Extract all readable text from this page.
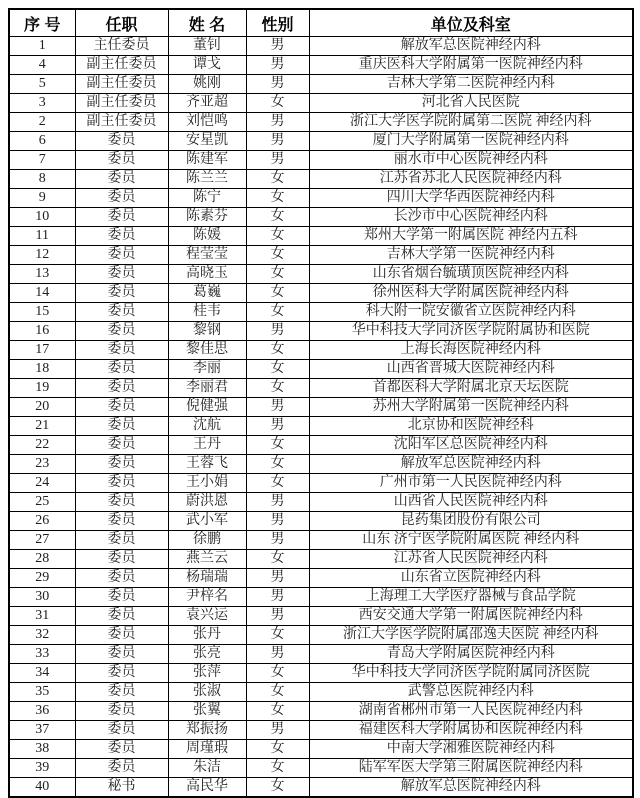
序 号	任职	姓 名	性别	单位及科室
1	主任委员	董钊	男	解放军总医院神经内科
4	副主任委员	谭戈	男	重庆医科大学附属第一医院神经内科
5	副主任委员	姚刚	男	吉林大学第二医院神经内科
3	副主任委员	齐亚超	女	河北省人民医院
2	副主任委员	刘恺鸣	男	浙江大学医学院附属第二医院 神经内科
6	委员	安星凯	男	厦门大学附属第一医院神经内科
7	委员	陈建军	男	丽水市中心医院神经内科
8	委员	陈兰兰	女	江苏省苏北人民医院神经内科
9	委员	陈宁	女	四川大学华西医院神经内科
10	委员	陈素芬	女	长沙市中心医院神经内科
11	委员	陈媛	女	郑州大学第一附属医院 神经内五科
12	委员	程莹莹	女	吉林大学第一医院神经内科
13	委员	高晓玉	女	山东省烟台毓璜顶医院神经内科
14	委员	葛巍	女	徐州医科大学附属医院神经内科
15	委员	桂韦	女	科大附一院安徽省立医院神经内科
16	委员	黎钢	男	华中科技大学同济医学院附属协和医院
17	委员	黎佳思	女	上海长海医院神经内科
18	委员	李丽	女	山西省晋城大医院神经内科
19	委员	李丽君	女	首都医科大学附属北京天坛医院
20	委员	倪健强	男	苏州大学附属第一医院神经内科
21	委员	沈航	男	北京协和医院神经科
22	委员	王丹	女	沈阳军区总医院神经内科
23	委员	王蓉飞	女	解放军总医院神经内科
24	委员	王小娟	女	广州市第一人民医院神经内科
25	委员	蔚洪恩	男	山西省人民医院神经内科
26	委员	武小军	男	昆药集团股份有限公司
27	委员	徐鹏	男	山东 济宁医学院附属医院 神经内科
28	委员	燕兰云	女	江苏省人民医院神经内科
29	委员	杨瑞瑞	男	山东省立医院神经内科
30	委员	尹梓名	男	上海理工大学医疗器械与食品学院
31	委员	袁兴运	男	西安交通大学第一附属医院神经内科
32	委员	张丹	女	浙江大学医学院附属邵逸夫医院 神经内科
33	委员	张亮	男	青岛大学附属医院神经内科
34	委员	张萍	女	华中科技大学同济医学院附属同济医院
35	委员	张淑	女	武警总医院神经内科
36	委员	张翼	女	湖南省郴州市第一人民医院神经内科
37	委员	郑振扬	男	福建医科大学附属协和医院神经内科
38	委员	周瑾瑕	女	中南大学湘雅医院神经内科
39	委员	朱洁	女	陆军军医大学第三附属医院神经内科
40	秘书	高民华	女	解放军总医院神经内科
